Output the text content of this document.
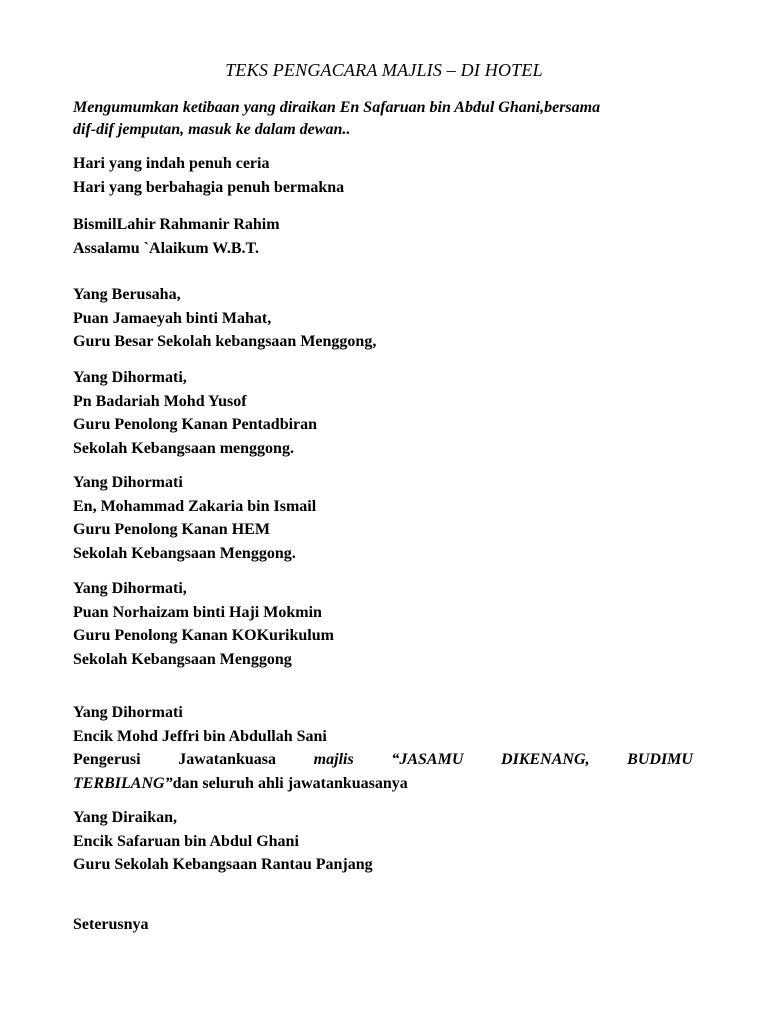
TEKS PENGACARA MAJLIS – DI HOTEL
Mengumumkan ketibaan yang diraikan En Safaruan bin Abdul Ghani,bersama
dif-dif jemputan, masuk ke dalam dewan..
Hari yang indah penuh ceria
Hari yang berbahagia penuh bermakna
BismilLahir Rahmanir Rahim
Assalamu `Alaikum W.B.T.
Yang Berusaha,
Puan Jamaeyah binti Mahat,
Guru Besar Sekolah kebangsaan Menggong,
Yang Dihormati,
Pn Badariah Mohd Yusof
Guru Penolong Kanan Pentadbiran
Sekolah Kebangsaan menggong.
Yang Dihormati
En, Mohammad Zakaria bin Ismail
Guru Penolong Kanan HEM
Sekolah Kebangsaan Menggong.
Yang Dihormati,
Puan Norhaizam binti Haji Mokmin
Guru Penolong Kanan KOKurikulum
Sekolah Kebangsaan Menggong
Yang Dihormati
Encik Mohd Jeffri bin Abdullah Sani
Pengerusi Jawatankuasa majlis “JASAMU DIKENANG, BUDIMU
TERBILANG”dan seluruh ahli jawatankuasanya
Yang Diraikan,
Encik Safaruan bin Abdul Ghani
Guru Sekolah Kebangsaan Rantau Panjang
Seterusnya
